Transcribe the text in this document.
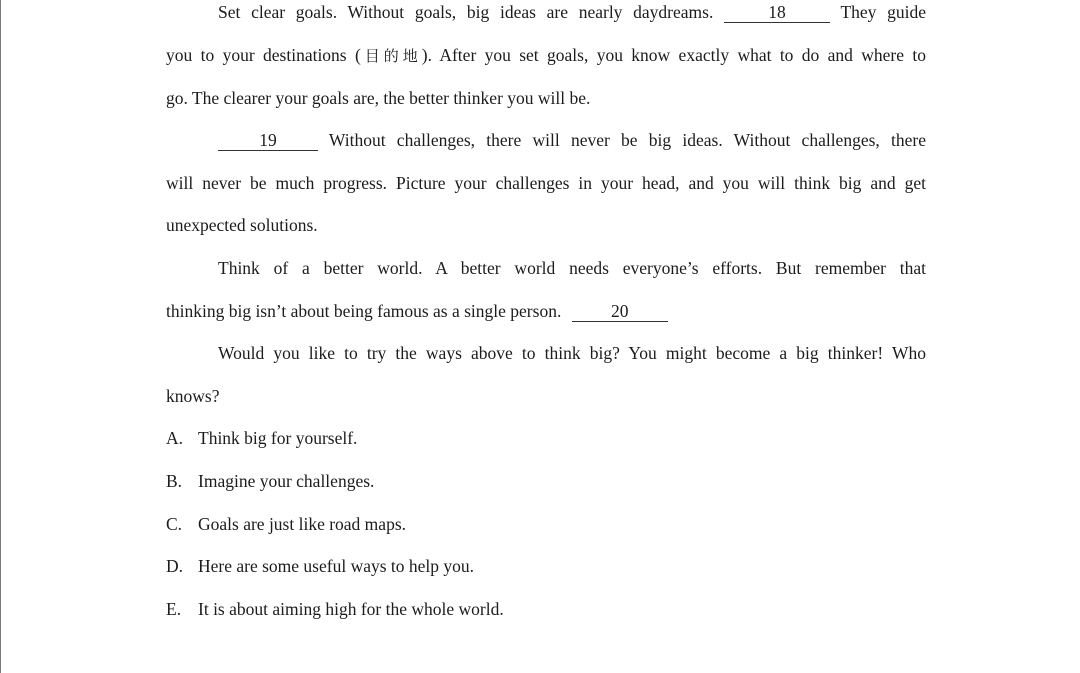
Set clear goals. Without goals, big ideas are nearly daydreams.	18	They guide
you to your destinations (目的地). After you set goals, you know exactly what to do and where to
go. The clearer your goals are, the better thinker you will be.
19	Without challenges, there will never be big ideas. Without challenges, there
will never be much progress. Picture your challenges in your head, and you will think big and get
unexpected solutions.
Think of a better world. A better world needs everyone’s efforts. But remember that
thinking big isn’t about being famous as a single person.	20
Would you like to try the ways above to think big? You might become a big thinker! Who
knows?
A. Think big for yourself.
B. Imagine your challenges.
C. Goals are just like road maps.
D. Here are some useful ways to help you.
E. It is about aiming high for the whole world.
